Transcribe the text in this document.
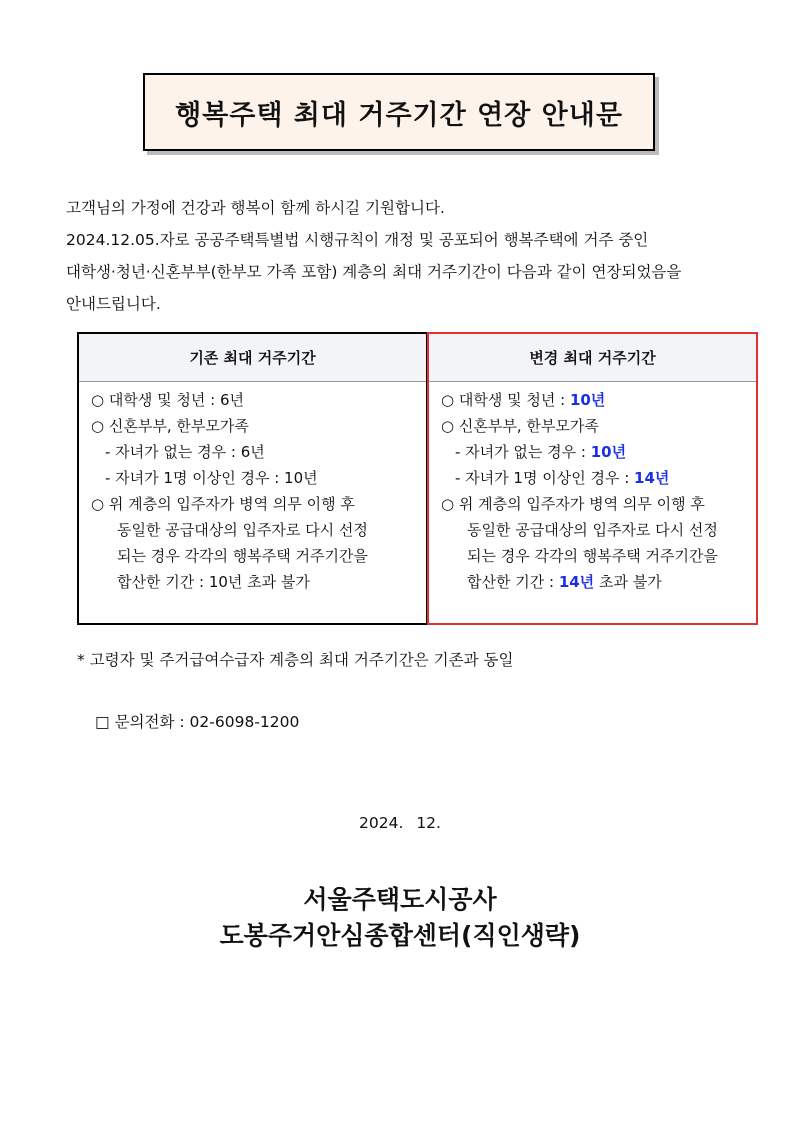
행복주택 최대 거주기간 연장 안내문

고객님의 가정에 건강과 행복이 함께 하시길 기원합니다.

2024.12.05.자로 공공주택특별법 시행규칙이 개정 및 공포되어 행복주택에 거주 중인

대학생·청년·신혼부부(한부모 가족 포함) 계층의 최대 거주기간이 다음과 같이 연장되었음을

안내드립니다.

기존 최대 거주기간
○ 대학생 및 청년 : 6년
○ 신혼부부, 한부모가족
- 자녀가 없는 경우 : 6년
- 자녀가 1명 이상인 경우 : 10년
○ 위 계층의 입주자가 병역 의무 이행 후
동일한 공급대상의 입주자로 다시 선정
되는 경우 각각의 행복주택 거주기간을
합산한 기간 : 10년 초과 불가
변경 최대 거주기간
○ 대학생 및 청년 : 10년
○ 신혼부부, 한부모가족
- 자녀가 없는 경우 : 10년
- 자녀가 1명 이상인 경우 : 14년
○ 위 계층의 입주자가 병역 의무 이행 후
동일한 공급대상의 입주자로 다시 선정
되는 경우 각각의 행복주택 거주기간을
합산한 기간 : 14년 초과 불가
* 고령자 및 주거급여수급자 계층의 최대 거주기간은 기존과 동일
□ 문의전화 : 02-6098-1200
2024. 12.
서울주택도시공사
도봉주거안심종합센터(직인생략)
